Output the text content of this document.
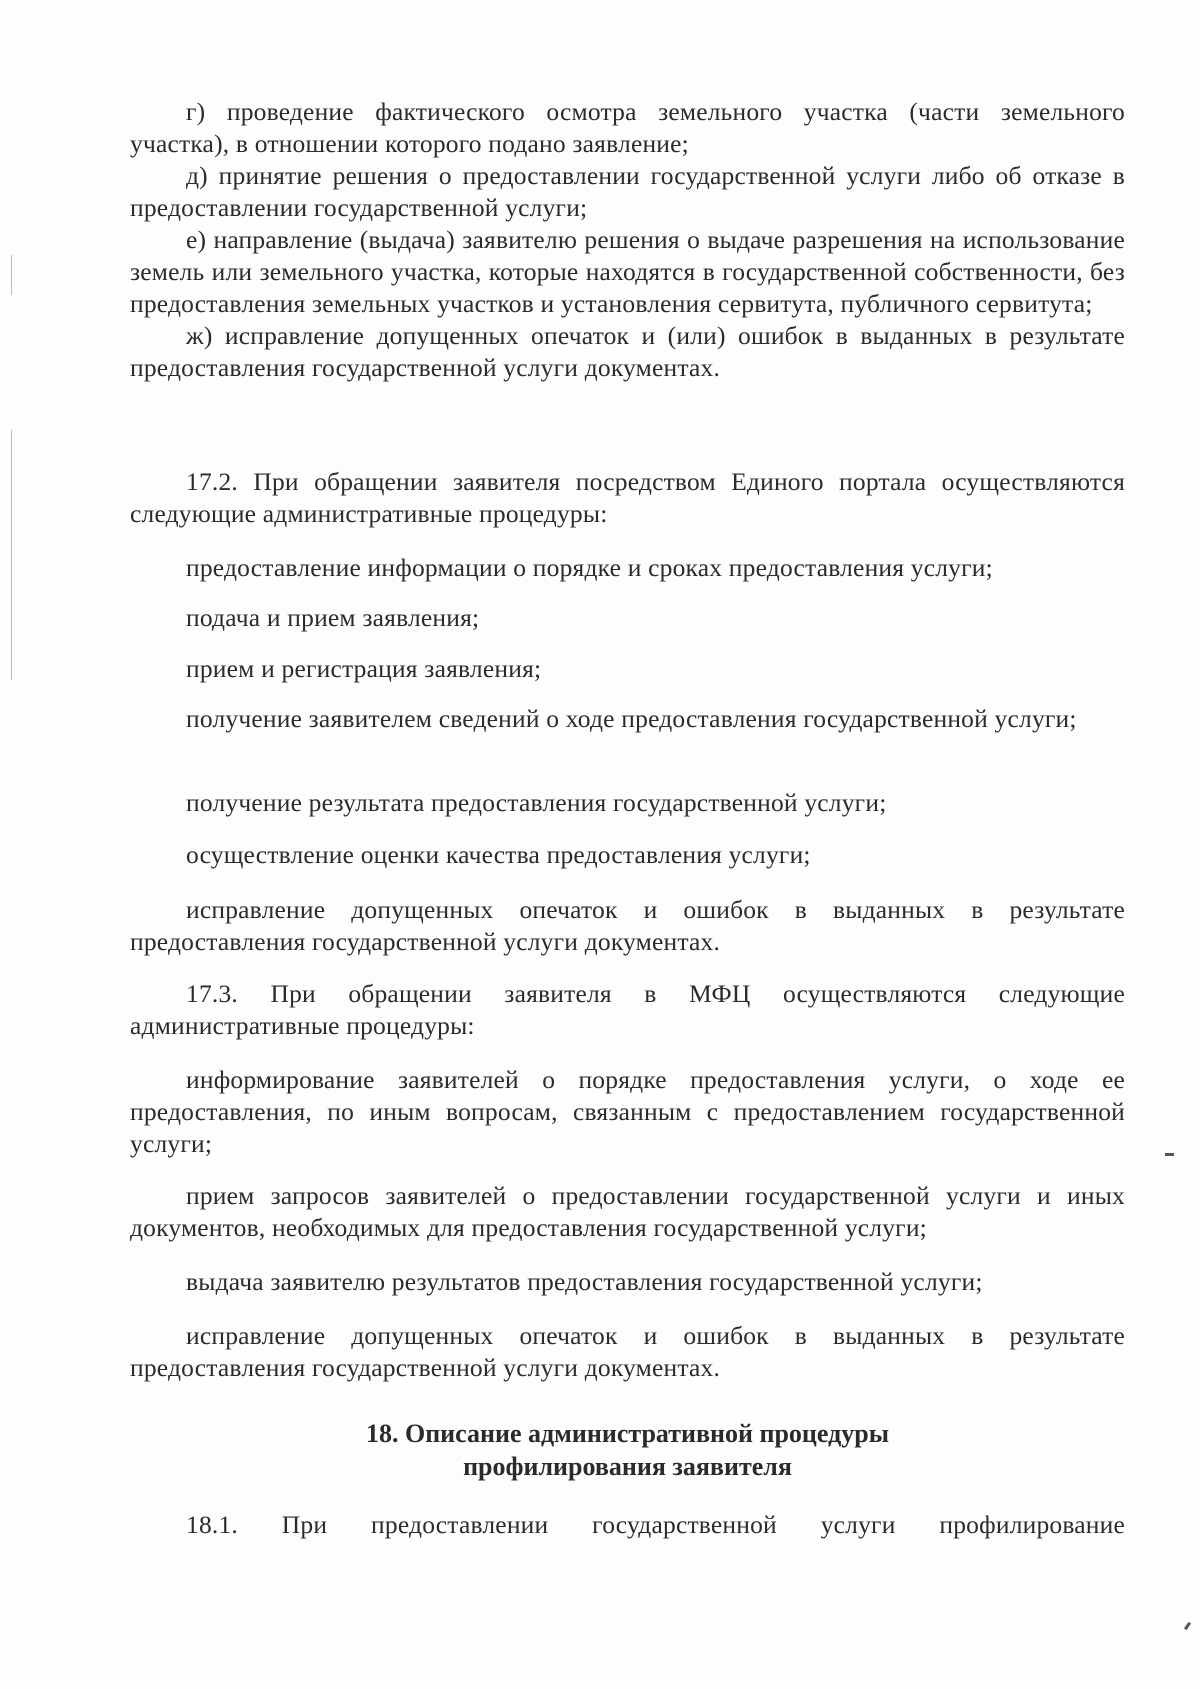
г) проведение фактического осмотра земельного участка (части земельного участка), в отношении которого подано заявление;

д) принятие решения о предоставлении государственной услуги либо об отказе в предоставлении государственной услуги;

е) направление (выдача) заявителю решения о выдаче разрешения на использование земель или земельного участка, которые находятся в государственной собственности, без предоставления земельных участков и установления сервитута, публичного сервитута;

ж) исправление допущенных опечаток и (или) ошибок в выданных в результате предоставления государственной услуги документах.

17.2. При обращении заявителя посредством Единого портала осуществляются следующие административные процедуры:

предоставление информации о порядке и сроках предоставления услуги;

подача и прием заявления;

прием и регистрация заявления;

получение заявителем сведений о ходе предоставления государственной услуги;

получение результата предоставления государственной услуги;

осуществление оценки качества предоставления услуги;

исправление допущенных опечаток и ошибок в выданных в результате предоставления государственной услуги документах.

17.3. При обращении заявителя в МФЦ осуществляются следующие административные процедуры:

информирование заявителей о порядке предоставления услуги, о ходе ее предоставления, по иным вопросам, связанным с предоставлением государственной услуги;

прием запросов заявителей о предоставлении государственной услуги и иных документов, необходимых для предоставления государственной услуги;

выдача заявителю результатов предоставления государственной услуги;

исправление допущенных опечаток и ошибок в выданных в результате предоставления государственной услуги документах.

18. Описание административной процедуры
профилирования заявителя

18.1. При предоставлении государственной услуги профилирование
